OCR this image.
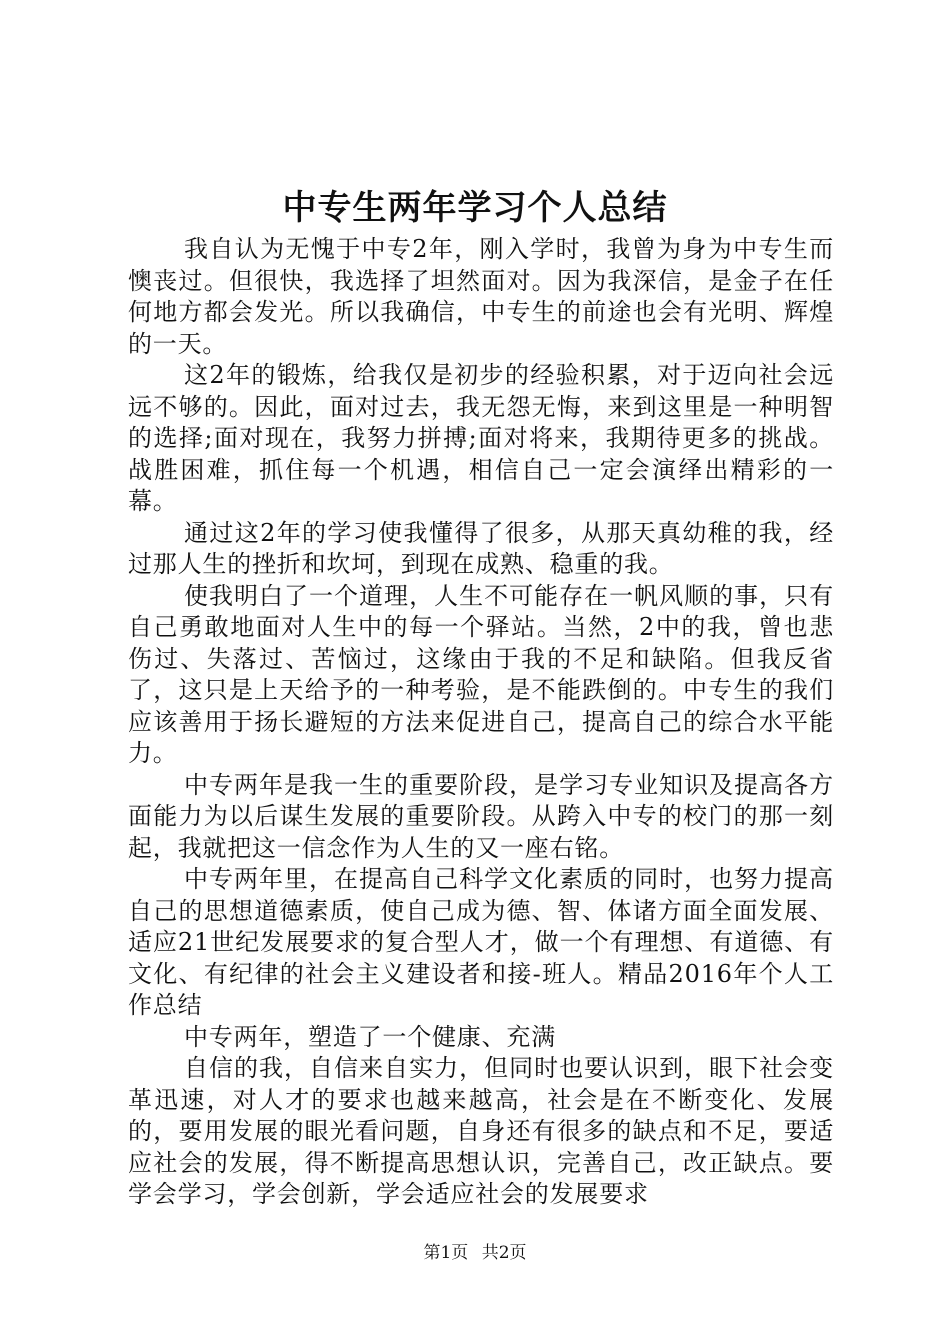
中专生两年学习个人总结

我自认为无愧于中专2年，刚入学时，我曾为身为中专生而懊丧过。但很快，我选择了坦然面对。因为我深信，是金子在任何地方都会发光。所以我确信，中专生的前途也会有光明、辉煌的一天。

这2年的锻炼，给我仅是初步的经验积累，对于迈向社会远远不够的。因此，面对过去，我无怨无悔，来到这里是一种明智的选择;面对现在，我努力拼搏;面对将来，我期待更多的挑战。战胜困难，抓住每一个机遇，相信自己一定会演绎出精彩的一幕。

通过这2年的学习使我懂得了很多，从那天真幼稚的我，经过那人生的挫折和坎坷，到现在成熟、稳重的我。

使我明白了一个道理，人生不可能存在一帆风顺的事，只有自己勇敢地面对人生中的每一个驿站。当然，2中的我，曾也悲伤过、失落过、苦恼过，这缘由于我的不足和缺陷。但我反省了，这只是上天给予的一种考验，是不能跌倒的。中专生的我们应该善用于扬长避短的方法来促进自己，提高自己的综合水平能力。

中专两年是我一生的重要阶段，是学习专业知识及提高各方面能力为以后谋生发展的重要阶段。从跨入中专的校门的那一刻起，我就把这一信念作为人生的又一座右铭。

中专两年里，在提高自己科学文化素质的同时，也努力提高自己的思想道德素质，使自己成为德、智、体诸方面全面发展、适应21世纪发展要求的复合型人才，做一个有理想、有道德、有文化、有纪律的社会主义建设者和接-班人。精品2016年个人工作总结

中专两年，塑造了一个健康、充满

自信的我，自信来自实力，但同时也要认识到，眼下社会变革迅速，对人才的要求也越来越高，社会是在不断变化、发展的，要用发展的眼光看问题，自身还有很多的缺点和不足，要适应社会的发展，得不断提高思想认识，完善自己，改正缺点。要学会学习，学会创新，学会适应社会的发展要求

第1页 共2页
